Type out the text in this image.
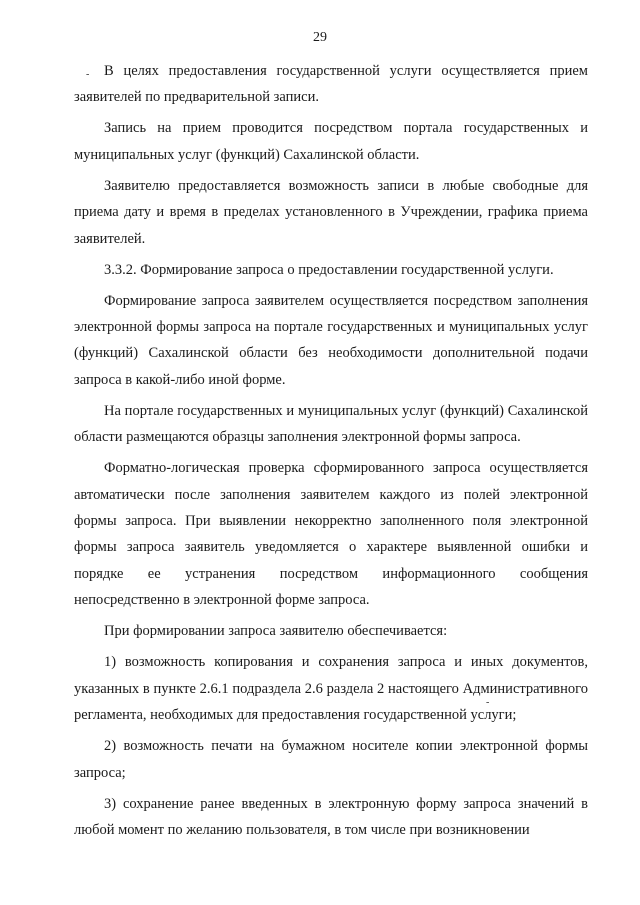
29
-
-

В целях предоставления государственной услуги осуществляется прием заявителей по предварительной записи.

Запись на прием проводится посредством портала государственных и муниципальных услуг (функций) Сахалинской области.

Заявителю предоставляется возможность записи в любые свободные для приема дату и время в пределах установленного в Учреждении, графика приема заявителей.

3.3.2. Формирование запроса о предоставлении государственной услуги.

Формирование запроса заявителем осуществляется посредством заполнения электронной формы запроса на портале государственных и муниципальных услуг (функций) Сахалинской области без необходимости дополнительной подачи запроса в какой-либо иной форме.

На портале государственных и муниципальных услуг (функций) Сахалинской области размещаются образцы заполнения электронной формы запроса.

Форматно-логическая проверка сформированного запроса осуществляется автоматически после заполнения заявителем каждого из полей электронной формы запроса. При выявлении некорректно заполненного поля электронной формы запроса заявитель уведомляется о характере выявленной ошибки и порядке ее устранения посредством информационного сообщения непосредственно в электронной форме запроса.

При формировании запроса заявителю обеспечивается:

1) возможность копирования и сохранения запроса и иных документов, указанных в пункте 2.6.1 подраздела 2.6 раздела 2 настоящего Административного регламента, необходимых для предоставления государственной услуги;

2) возможность печати на бумажном носителе копии электронной формы запроса;

3) сохранение ранее введенных в электронную форму запроса значений в любой момент по желанию пользователя, в том числе при возникновении
